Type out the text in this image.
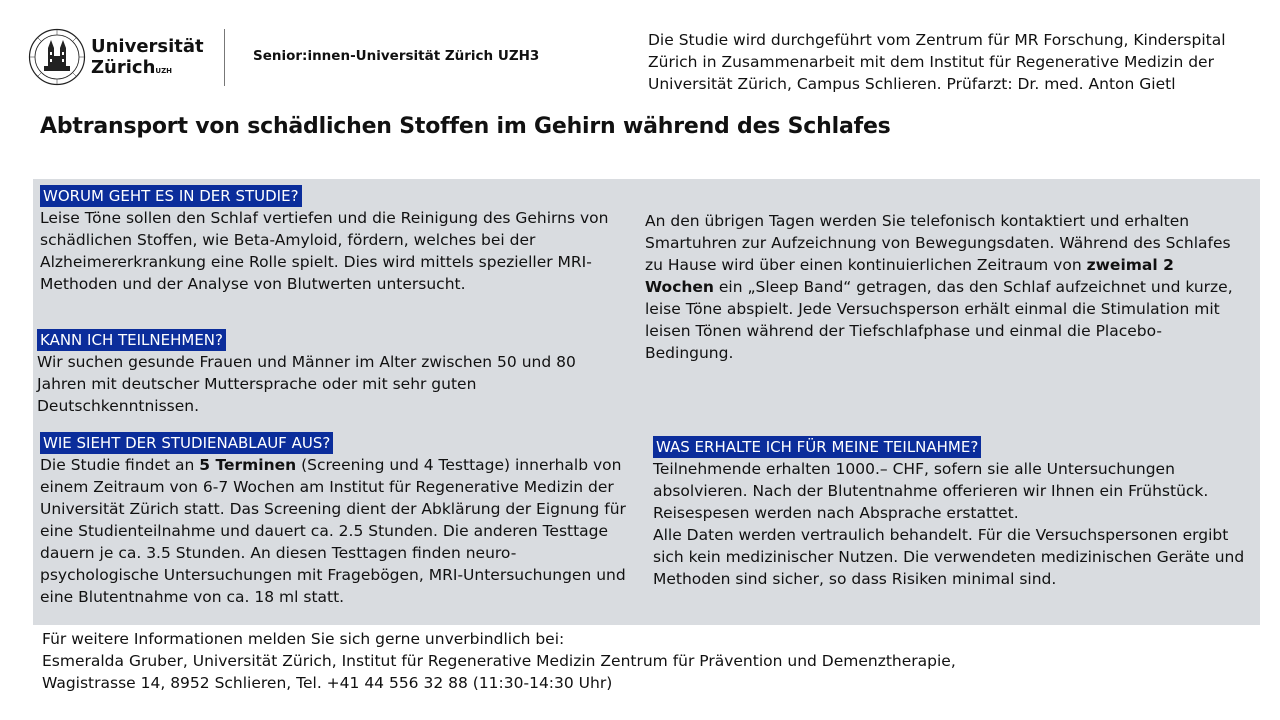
Universität
Zürich$^{UZH}$
Senior:innen-Universität Zürich UZH3
Die Studie wird durchgeführt vom Zentrum für MR Forschung, Kinderspital Zürich in Zusammenarbeit mit dem Institut für Regenerative Medizin der Universität Zürich, Campus Schlieren. Prüfarzt: Dr. med. Anton Gietl
Abtransport von schädlichen Stoffen im Gehirn während des Schlafes
WORUM GEHT ES IN DER STUDIE?
Leise Töne sollen den Schlaf vertiefen und die Reinigung des Gehirns von schädlichen Stoffen, wie Beta-Amyloid, fördern, welches bei der Alzheimererkrankung eine Rolle spielt. Dies wird mittels spezieller MRI-Methoden und der Analyse von Blutwerten untersucht.
KANN ICH TEILNEHMEN?
Wir suchen gesunde Frauen und Männer im Alter zwischen 50 und 80 Jahren mit deutscher Muttersprache oder mit sehr guten Deutschkenntnissen.
WIE SIEHT DER STUDIENABLAUF AUS?
Die Studie findet an 5 Terminen (Screening und 4 Testtage) innerhalb von einem Zeitraum von 6-7 Wochen am Institut für Regenerative Medizin der Universität Zürich statt. Das Screening dient der Abklärung der Eignung für eine Studienteilnahme und dauert ca. 2.5 Stunden. Die anderen Testtage dauern je ca. 3.5 Stunden. An diesen Testtagen finden neuro-psychologische Untersuchungen mit Fragebögen, MRI-Untersuchungen und eine Blutentnahme von ca. 18 ml statt.
An den übrigen Tagen werden Sie telefonisch kontaktiert und erhalten Smartuhren zur Aufzeichnung von Bewegungsdaten. Während des Schlafes zu Hause wird über einen kontinuierlichen Zeitraum von zweimal 2 Wochen ein „Sleep Band“ getragen, das den Schlaf aufzeichnet und kurze, leise Töne abspielt. Jede Versuchsperson erhält einmal die Stimulation mit leisen Tönen während der Tiefschlafphase und einmal die Placebo-Bedingung.
WAS ERHALTE ICH FÜR MEINE TEILNAHME?
Teilnehmende erhalten 1000.– CHF, sofern sie alle Untersuchungen absolvieren. Nach der Blutentnahme offerieren wir Ihnen ein Frühstück. Reisespesen werden nach Absprache erstattet.
Alle Daten werden vertraulich behandelt. Für die Versuchspersonen ergibt sich kein medizinischer Nutzen. Die verwendeten medizinischen Geräte und Methoden sind sicher, so dass Risiken minimal sind.
Für weitere Informationen melden Sie sich gerne unverbindlich bei:
Esmeralda Gruber, Universität Zürich, Institut für Regenerative Medizin Zentrum für Prävention und Demenztherapie,
Wagistrasse 14, 8952 Schlieren, Tel. +41 44 556 32 88 (11:30-14:30 Uhr)
